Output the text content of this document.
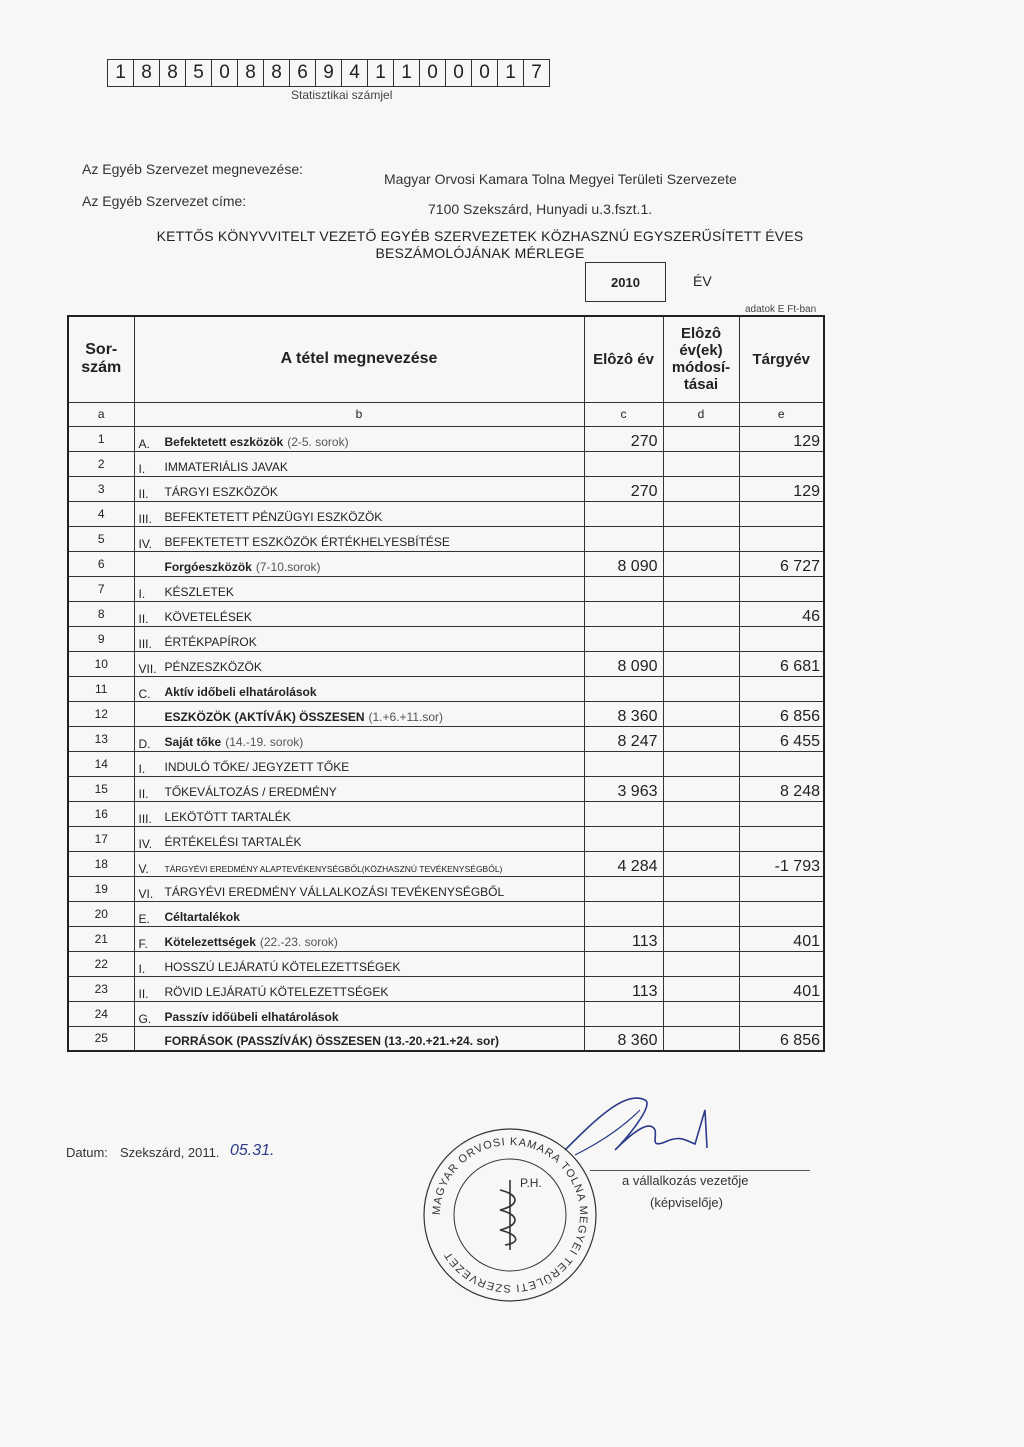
1 8 8 5 0 8 8 6 9 4 1 1 0 0 0 1 7
Statisztikai számjel
Az Egyéb Szervezet megnevezése:
Magyar Orvosi Kamara Tolna Megyei Területi Szervezete
Az Egyéb Szervezet címe:	7100 Szekszárd, Hunyadi u.3.fszt.1.
KETTŐS KÖNYVVITELT VEZETŐ EGYÉB SZERVEZETEK KÖZHASZNÚ EGYSZERŰSÍTETT ÉVES
BESZÁMOLÓJÁNAK MÉRLEGE
2010	ÉV
adatok E Ft-ban
Sor-szám	A tétel megnevezése	Elôzô év	Elôzô év(ek) módosí-tásai	Tárgyév
a	b	c	d	e
1	A. Befektetett eszközök (2-5. sorok)	270		129
2	I. IMMATERIÁLIS JAVAK			

3	II. TÁRGYI ESZKÖZÖK	270		129
4	III. BEFEKTETETT PÉNZÜGYI ESZKÖZÖK			

5	IV. BEFEKTETETT ESZKÖZÖK ÉRTÉKHELYESBÍTÉSE			

6	Forgóeszközök (7-10.sorok)	8 090		6 727
7	I. KÉSZLETEK			

8	II. KÖVETELÉSEK			46
9	III. ÉRTÉKPAPÍROK			

10	VII. PÉNZESZKÖZÖK	8 090		6 681
11	C. Aktív időbeli elhatárolások			

12	ESZKÖZÖK (AKTÍVÁK) ÖSSZESEN (1.+6.+11.sor)	8 360		6 856
13	D. Saját tőke (14.-19. sorok)	8 247		6 455
14	I. INDULÓ TŐKE/ JEGYZETT TŐKE			

15	II. TŐKEVÁLTOZÁS / EREDMÉNY	3 963		8 248
16	III. LEKÖTÖTT TARTALÉK			

17	IV. ÉRTÉKELÉSI TARTALÉK			

18	V. TÁRGYÉVI EREDMÉNY ALAPTEVÉKENYSÉGBŐL(KÖZHASZNÚ TEVÉKENYSÉGBŐL)	4 284		-1 793
19	VI. TÁRGYÉVI EREDMÉNY VÁLLALKOZÁSI TEVÉKENYSÉGBŐL			

20	E. Céltartalékok			

21	F. Kötelezettségek (22.-23. sorok)	113		401
22	I. HOSSZÚ LEJÁRATÚ KÖTELEZETTSÉGEK			

23	II. RÖVID LEJÁRATÚ KÖTELEZETTSÉGEK	113		401
24	G. Passzív időübeli elhatárolások			

25	FORRÁSOK (PASSZÍVÁK) ÖSSZESEN (13.-20.+21.+24. sor)	8 360		6 856
Datum: Szekszárd, 2011. 05.31.
a vállalkozás vezetője
(képviselője)
MAGYAR ORVOSI KAMARA TOLNA MEGYEI TERÜLETI SZERVEZET
P.H.
